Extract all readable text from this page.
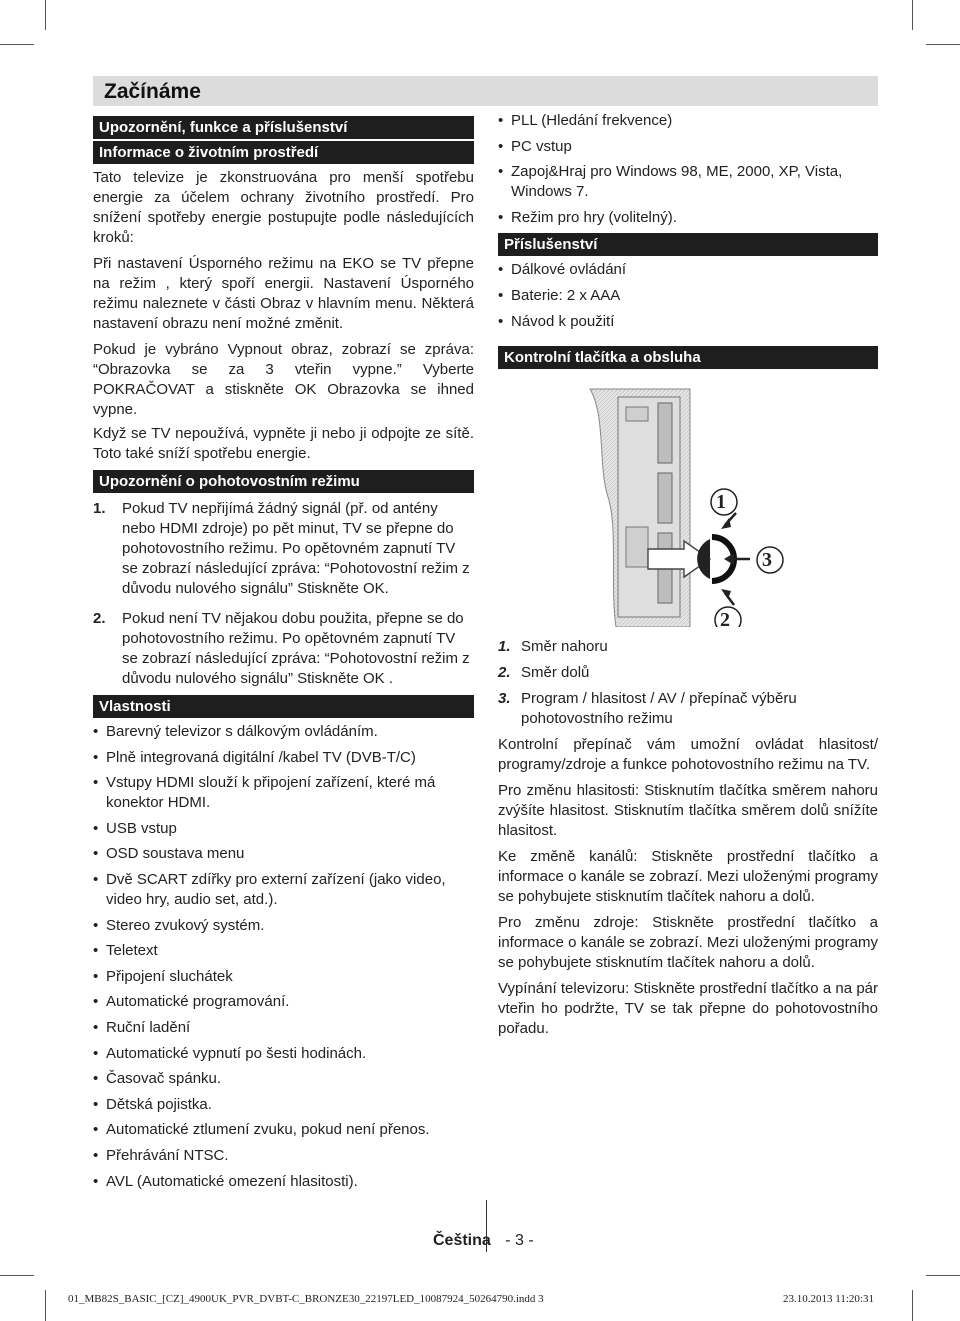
Začínáme
Upozornění, funkce a příslušenství
Informace o životním prostředí

Tato televize je zkonstruována pro menší spotřebu energie za účelem ochrany životního prostředí. Pro snížení spotřeby energie postupujte podle následujících kroků:

Při nastavení Úsporného režimu na EKO se TV přepne na režim , který spoří energii. Nastavení Úsporného režimu naleznete v části Obraz v hlavním menu. Některá nastavení obrazu není možné změnit.

Pokud je vybráno Vypnout obraz, zobrazí se zpráva: “Obrazovka se za 3 vteřin vypne.” Vyberte POKRAČOVAT a stiskněte OK Obrazovka se ihned vypne.

Když se TV nepoužívá, vypněte ji nebo ji odpojte ze sítě. Toto také sníží spotřebu energie.

Upozornění o pohotovostním režimu
1. Pokud TV nepřijímá žádný signál (př. od antény nebo HDMI zdroje) po pět minut, TV se přepne do pohotovostního režimu. Po opětovném zapnutí TV se zobrazí následující zpráva: “Pohotovostní režim z důvodu nulového signálu” Stiskněte OK.
2. Pokud není TV nějakou dobu použita, přepne se do pohotovostního režimu. Po opětovném zapnutí TV se zobrazí následující zpráva: “Pohotovostní režim z důvodu nulového signálu” Stiskněte OK .
Vlastnosti
• Barevný televizor s dálkovým ovládáním.
• Plně integrovaná digitální /kabel TV (DVB-T/C)
• Vstupy HDMI slouží k připojení zařízení, které má konektor HDMI.
• USB vstup
• OSD soustava menu
• Dvě SCART zdířky pro externí zařízení (jako video, video hry, audio set, atd.).
• Stereo zvukový systém.
• Teletext
• Připojení sluchátek
• Automatické programování.
• Ruční ladění
• Automatické vypnutí po šesti hodinách.
• Časovač spánku.
• Dětská pojistka.
• Automatické ztlumení zvuku, pokud není přenos.
• Přehrávání NTSC.
• AVL (Automatické omezení hlasitosti).
• PLL (Hledání frekvence)
• PC vstup
• Zapoj&Hraj pro Windows 98, ME, 2000, XP, Vista, Windows 7.
• Režim pro hry (volitelný).
Příslušenství
• Dálkové ovládání
• Baterie: 2 x AAA
• Návod k použití
Kontrolní tlačítka a obsluha
1
2
3
1. Směr nahoru
2. Směr dolů
3. Program / hlasitost / AV / přepínač výběru pohotovostního režimu

Kontrolní přepínač vám umožní ovládat hlasitost/ programy/zdroje a funkce pohotovostního režimu na TV.

Pro změnu hlasitosti: Stisknutím tlačítka směrem nahoru zvýšíte hlasitost. Stisknutím tlačítka směrem dolů snížíte hlasitost.

Ke změně kanálů: Stiskněte prostřední tlačítko a informace o kanále se zobrazí. Mezi uloženými programy se pohybujete stisknutím tlačítek nahoru a dolů.

Pro změnu zdroje: Stiskněte prostřední tlačítko a informace o kanále se zobrazí. Mezi uloženými programy se pohybujete stisknutím tlačítek nahoru a dolů.

Vypínání televizoru: Stiskněte prostřední tlačítko a na pár vteřin ho podržte, TV se tak přepne do pohotovostního pořadu.

Čeština - 3 -
01_MB82S_BASIC_[CZ]_4900UK_PVR_DVBT-C_BRONZE30_22197LED_10087924_50264790.indd 3	23.10.2013 11:20:31
